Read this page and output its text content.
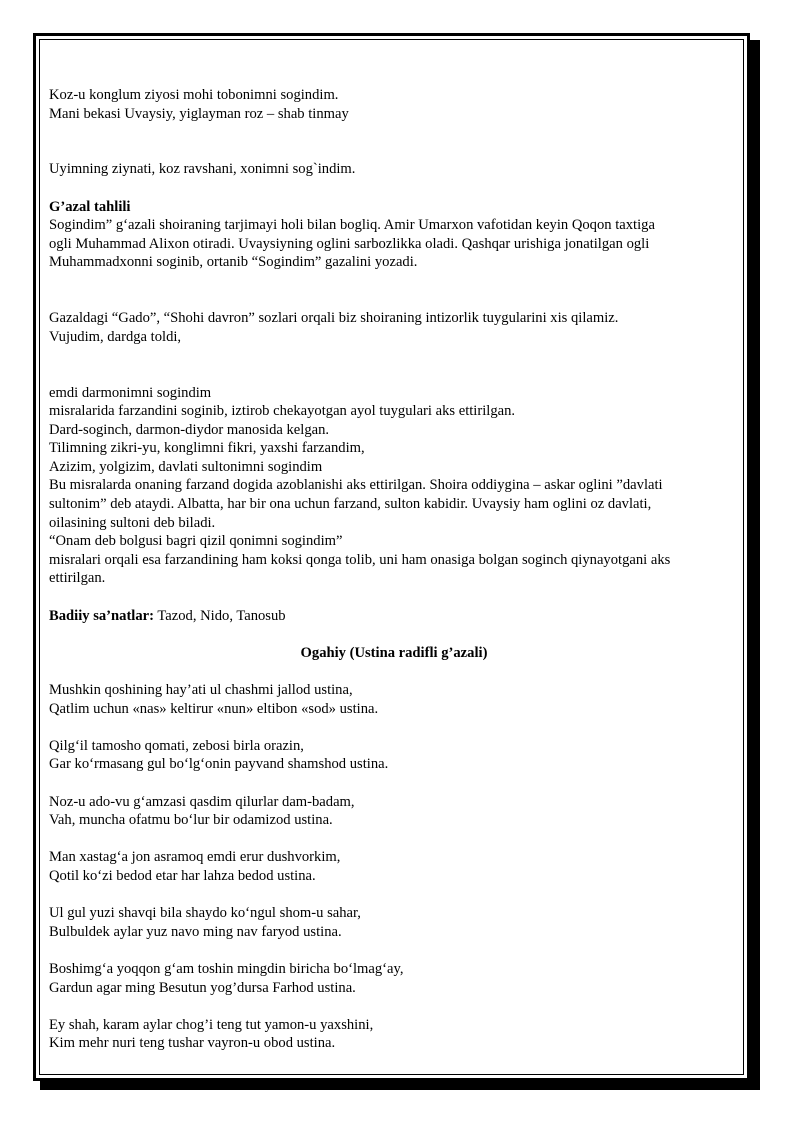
Koz-u konglum ziyosi mohi tobonimni sogindim.
Mani bekasi Uvaysiy, yiglayman roz – shab tinmay
Uyimning ziynati, koz ravshani, xonimni sog`indim.
G’azal tahlili
Sogindim” g‘azali shoiraning tarjimayi holi bilan bogliq. Amir Umarxon vafotidan keyin Qoqon taxtiga
ogli Muhammad Alixon otiradi. Uvaysiyning oglini sarbozlikka oladi. Qashqar urishiga jonatilgan ogli
Muhammadxonni soginib, ortanib “Sogindim” gazalini yozadi.
Gazaldagi “Gado”, “Shohi davron” sozlari orqali biz shoiraning intizorlik tuygularini xis qilamiz.
Vujudim, dardga toldi,
emdi darmonimni sogindim
misralarida farzandini soginib, iztirob chekayotgan ayol tuygulari aks ettirilgan.
Dard-soginch, darmon-diydor manosida kelgan.
Tilimning zikri-yu, konglimni fikri, yaxshi farzandim,
Azizim, yolgizim, davlati sultonimni sogindim
Bu misralarda onaning farzand dogida azoblanishi aks ettirilgan. Shoira oddiygina – askar oglini ”davlati
sultonim” deb ataydi. Albatta, har bir ona uchun farzand, sulton kabidir. Uvaysiy ham oglini oz davlati,
oilasining sultoni deb biladi.
“Onam deb bolgusi bagri qizil qonimni sogindim”
misralari orqali esa farzandining ham koksi qonga tolib, uni ham onasiga bolgan soginch qiynayotgani aks
ettirilgan.
Badiiy sa’natlar: Tazod, Nido, Tanosub
Ogahiy (Ustina radifli g’azali)
Mushkin qoshining hay’ati ul chashmi jallod ustina,
Qatlim uchun «nas» keltirur «nun» eltibon «sod» ustina.
Qilg‘il tamosho qomati, zebosi birla orazin,
Gar ko‘rmasang gul bo‘lg‘onin payvand shamshod ustina.
Noz-u ado-vu g‘amzasi qasdim qilurlar dam-badam,
Vah, muncha ofatmu bo‘lur bir odamizod ustina.
Man xastag‘a jon asramoq emdi erur dushvorkim,
Qotil ko‘zi bedod etar har lahza bedod ustina.
Ul gul yuzi shavqi bila shaydo ko‘ngul shom-u sahar,
Bulbuldek aylar yuz navo ming nav faryod ustina.
Boshimg‘a yoqqon g‘am toshin mingdin biricha bo‘lmag‘ay,
Gardun agar ming Besutun yog’dursa Farhod ustina.
Ey shah, karam aylar chog’i teng tut yamon-u yaxshini,
Kim mehr nuri teng tushar vayron-u obod ustina.
